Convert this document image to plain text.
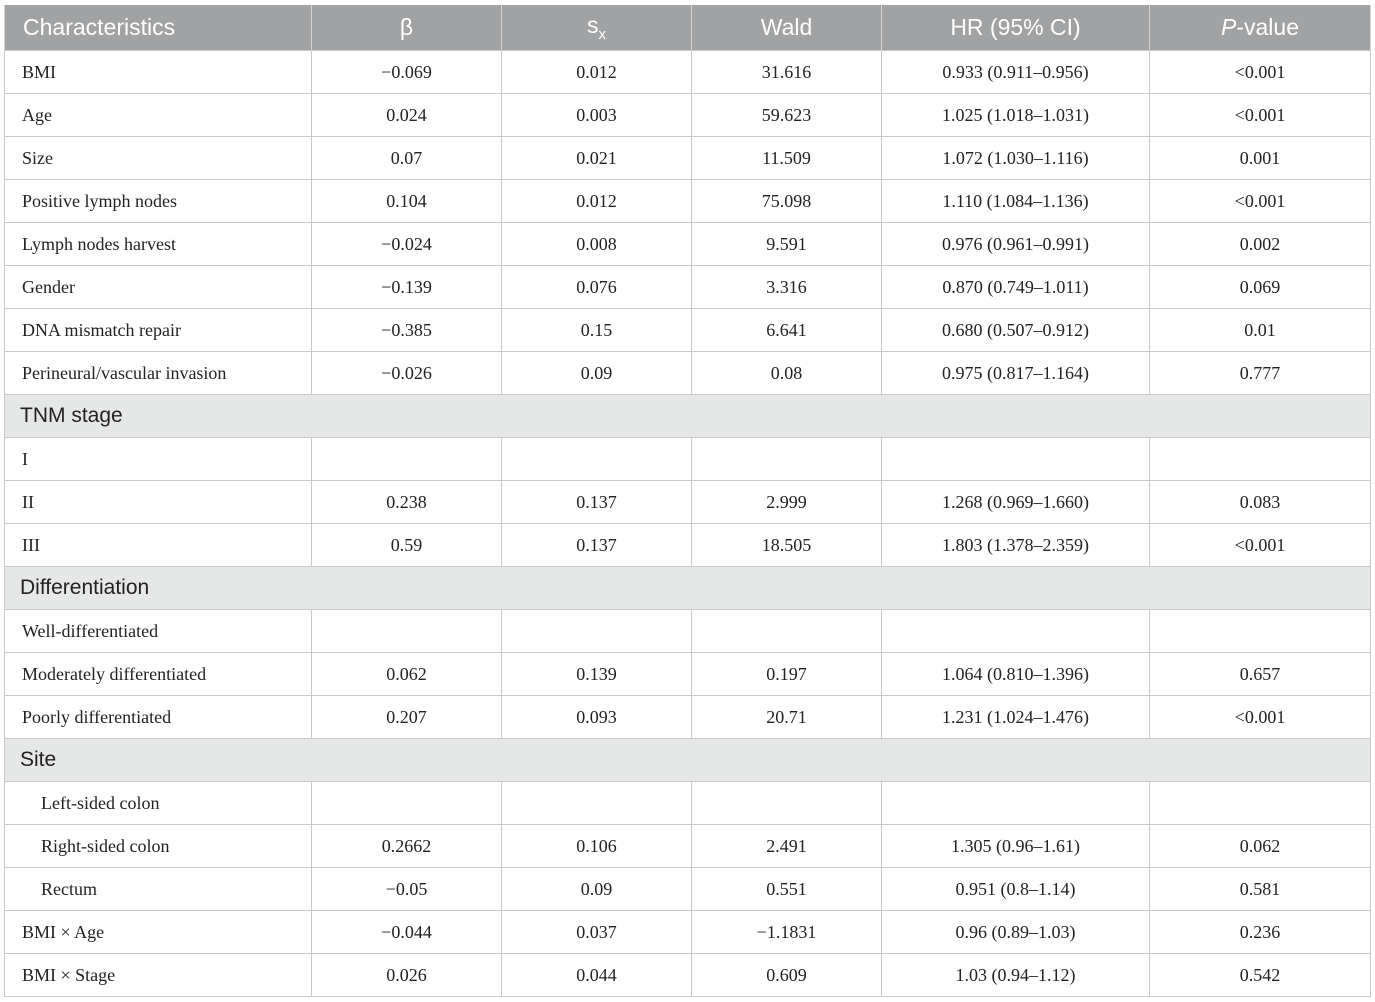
Characteristics	β	$s_x$	Wald	HR (95% CI)	P-value
BMI	−0.069	0.012	31.616	0.933 (0.911–0.956)	<0.001
Age	0.024	0.003	59.623	1.025 (1.018–1.031)	<0.001
Size	0.07	0.021	11.509	1.072 (1.030–1.116)	0.001
Positive lymph nodes	0.104	0.012	75.098	1.110 (1.084–1.136)	<0.001
Lymph nodes harvest	−0.024	0.008	9.591	0.976 (0.961–0.991)	0.002
Gender	−0.139	0.076	3.316	0.870 (0.749–1.011)	0.069
DNA mismatch repair	−0.385	0.15	6.641	0.680 (0.507–0.912)	0.01
Perineural/vascular invasion	−0.026	0.09	0.08	0.975 (0.817–1.164)	0.777
TNM stage					
I					
II	0.238	0.137	2.999	1.268 (0.969–1.660)	0.083
III	0.59	0.137	18.505	1.803 (1.378–2.359)	<0.001
Differentiation					
Well-differentiated					
Moderately differentiated	0.062	0.139	0.197	1.064 (0.810–1.396)	0.657
Poorly differentiated	0.207	0.093	20.71	1.231 (1.024–1.476)	<0.001
Site					
Left-sided colon					
Right-sided colon	0.2662	0.106	2.491	1.305 (0.96–1.61)	0.062
Rectum	−0.05	0.09	0.551	0.951 (0.8–1.14)	0.581
BMI × Age	−0.044	0.037	−1.1831	0.96 (0.89–1.03)	0.236
BMI × Stage	0.026	0.044	0.609	1.03 (0.94–1.12)	0.542
